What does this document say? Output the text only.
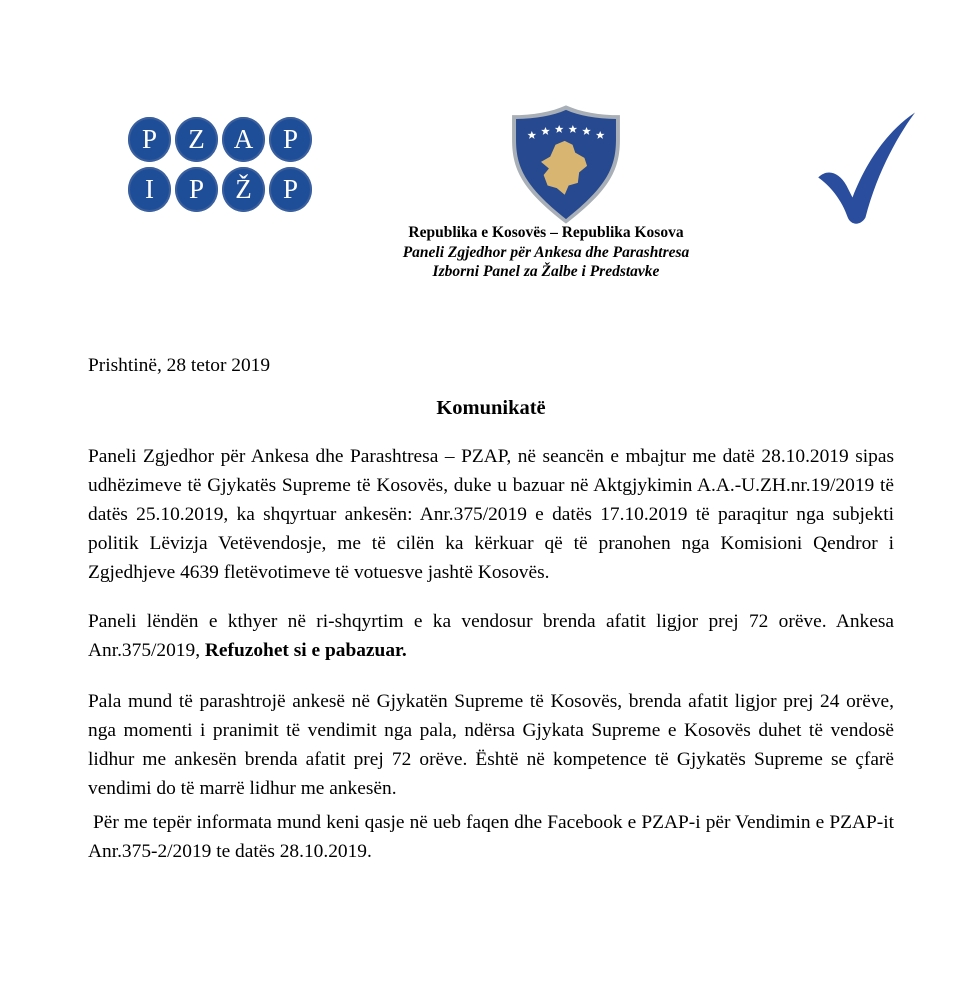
P Z A P
I P Ž P
Republika e Kosovës – Republika Kosova
Paneli Zgjedhor për Ankesa dhe Parashtresa
Izborni Panel za Žalbe i Predstavke

Prishtinë, 28 tetor 2019

Komunikatë

Paneli Zgjedhor për Ankesa dhe Parashtresa – PZAP, në seancën e mbajtur me datë 28.10.2019 sipas udhëzimeve të Gjykatës Supreme të Kosovës, duke u bazuar në Aktgjykimin A.A.-U.ZH.nr.19/2019 të datës 25.10.2019, ka shqyrtuar ankesën: Anr.375/2019 e datës 17.10.2019 të paraqitur nga subjekti politik Lëvizja Vetëvendosje, me të cilën ka kërkuar që të pranohen nga Komisioni Qendror i Zgjedhjeve 4639 fletëvotimeve të votuesve jashtë Kosovës.

Paneli lëndën e kthyer në ri-shqyrtim e ka vendosur brenda afatit ligjor prej 72 orëve. Ankesa Anr.375/2019, Refuzohet si e pabazuar.

Pala mund të parashtrojë ankesë në Gjykatën Supreme të Kosovës, brenda afatit ligjor prej 24 orëve, nga momenti i pranimit të vendimit nga pala, ndërsa Gjykata Supreme e Kosovës duhet të vendosë lidhur me ankesën brenda afatit prej 72 orëve. Është në kompetence të Gjykatës Supreme se çfarë vendimi do të marrë lidhur me ankesën.

Për me tepër informata mund keni qasje në ueb faqen dhe Facebook e PZAP-i për Vendimin e PZAP-it Anr.375-2/2019 te datës 28.10.2019.
